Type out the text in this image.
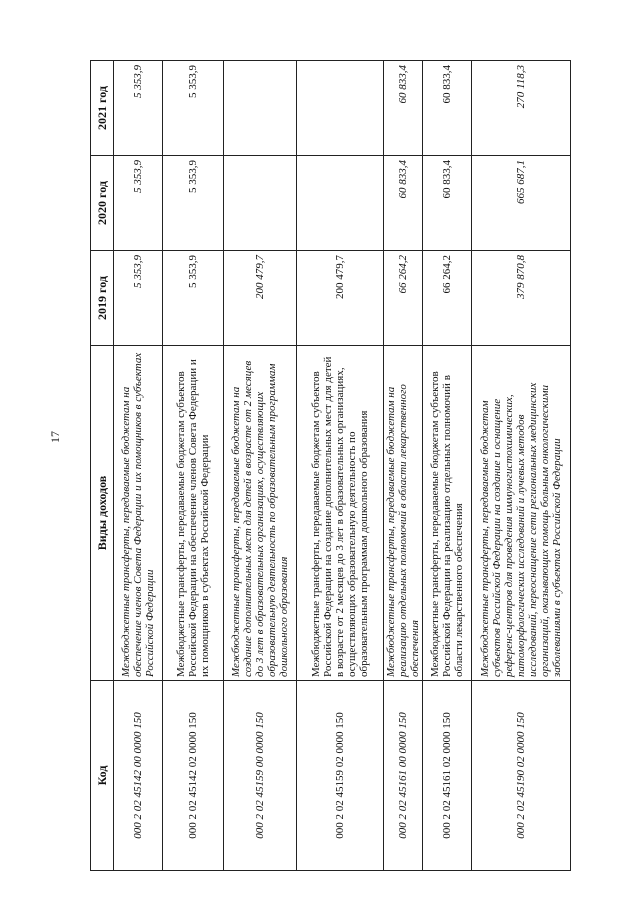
17
Код	Виды доходов	2019 год	2020 год	2021 год
000 2 02 45142 00 0000 150	Межбюджетные трансферты, передаваемые бюджетам на обеспечение членов Совета Федерации и их помощников в субъектах Российской Федерации	5 353,9	5 353,9	5 353,9
000 2 02 45142 02 0000 150	Межбюджетные трансферты, передаваемые бюджетам субъектов Российской Федерации на обеспечение членов Совета Федерации и их помощников в субъектах Российской Федерации	5 353,9	5 353,9	5 353,9
000 2 02 45159 00 0000 150	Межбюджетные трансферты, передаваемые бюджетам на создание дополнительных мест для детей в возрасте от 2 месяцев до 3 лет в образовательных организациях, осуществляющих образовательную деятельность по образовательным программам дошкольного образования	200 479,7		
000 2 02 45159 02 0000 150	Межбюджетные трансферты, передаваемые бюджетам субъектов Российской Федерации на создание дополнительных мест для детей в возрасте от 2 месяцев до 3 лет в образовательных организациях, осуществляющих образовательную деятельность по образовательным программам дошкольного образования	200 479,7		
000 2 02 45161 00 0000 150	Межбюджетные трансферты, передаваемые бюджетам на реализацию отдельных полномочий в области лекарственного обеспечения	66 264,2	60 833,4	60 833,4
000 2 02 45161 02 0000 150	Межбюджетные трансферты, передаваемые бюджетам субъектов Российской Федерации на реализацию отдельных полномочий в области лекарственного обеспечения	66 264,2	60 833,4	60 833,4
000 2 02 45190 02 0000 150	Межбюджетные трансферты, передаваемые бюджетам субъектов Российской Федерации на создание и оснащение референс-центров для проведения иммуногистохимических, патоморфологических исследований и лучевых методов исследований, переоснащение сети региональных медицинских организаций, оказывающих помощь больным онкологическими заболеваниями в субъектах Российской Федерации	379 870,8	665 687,1	270 118,3
